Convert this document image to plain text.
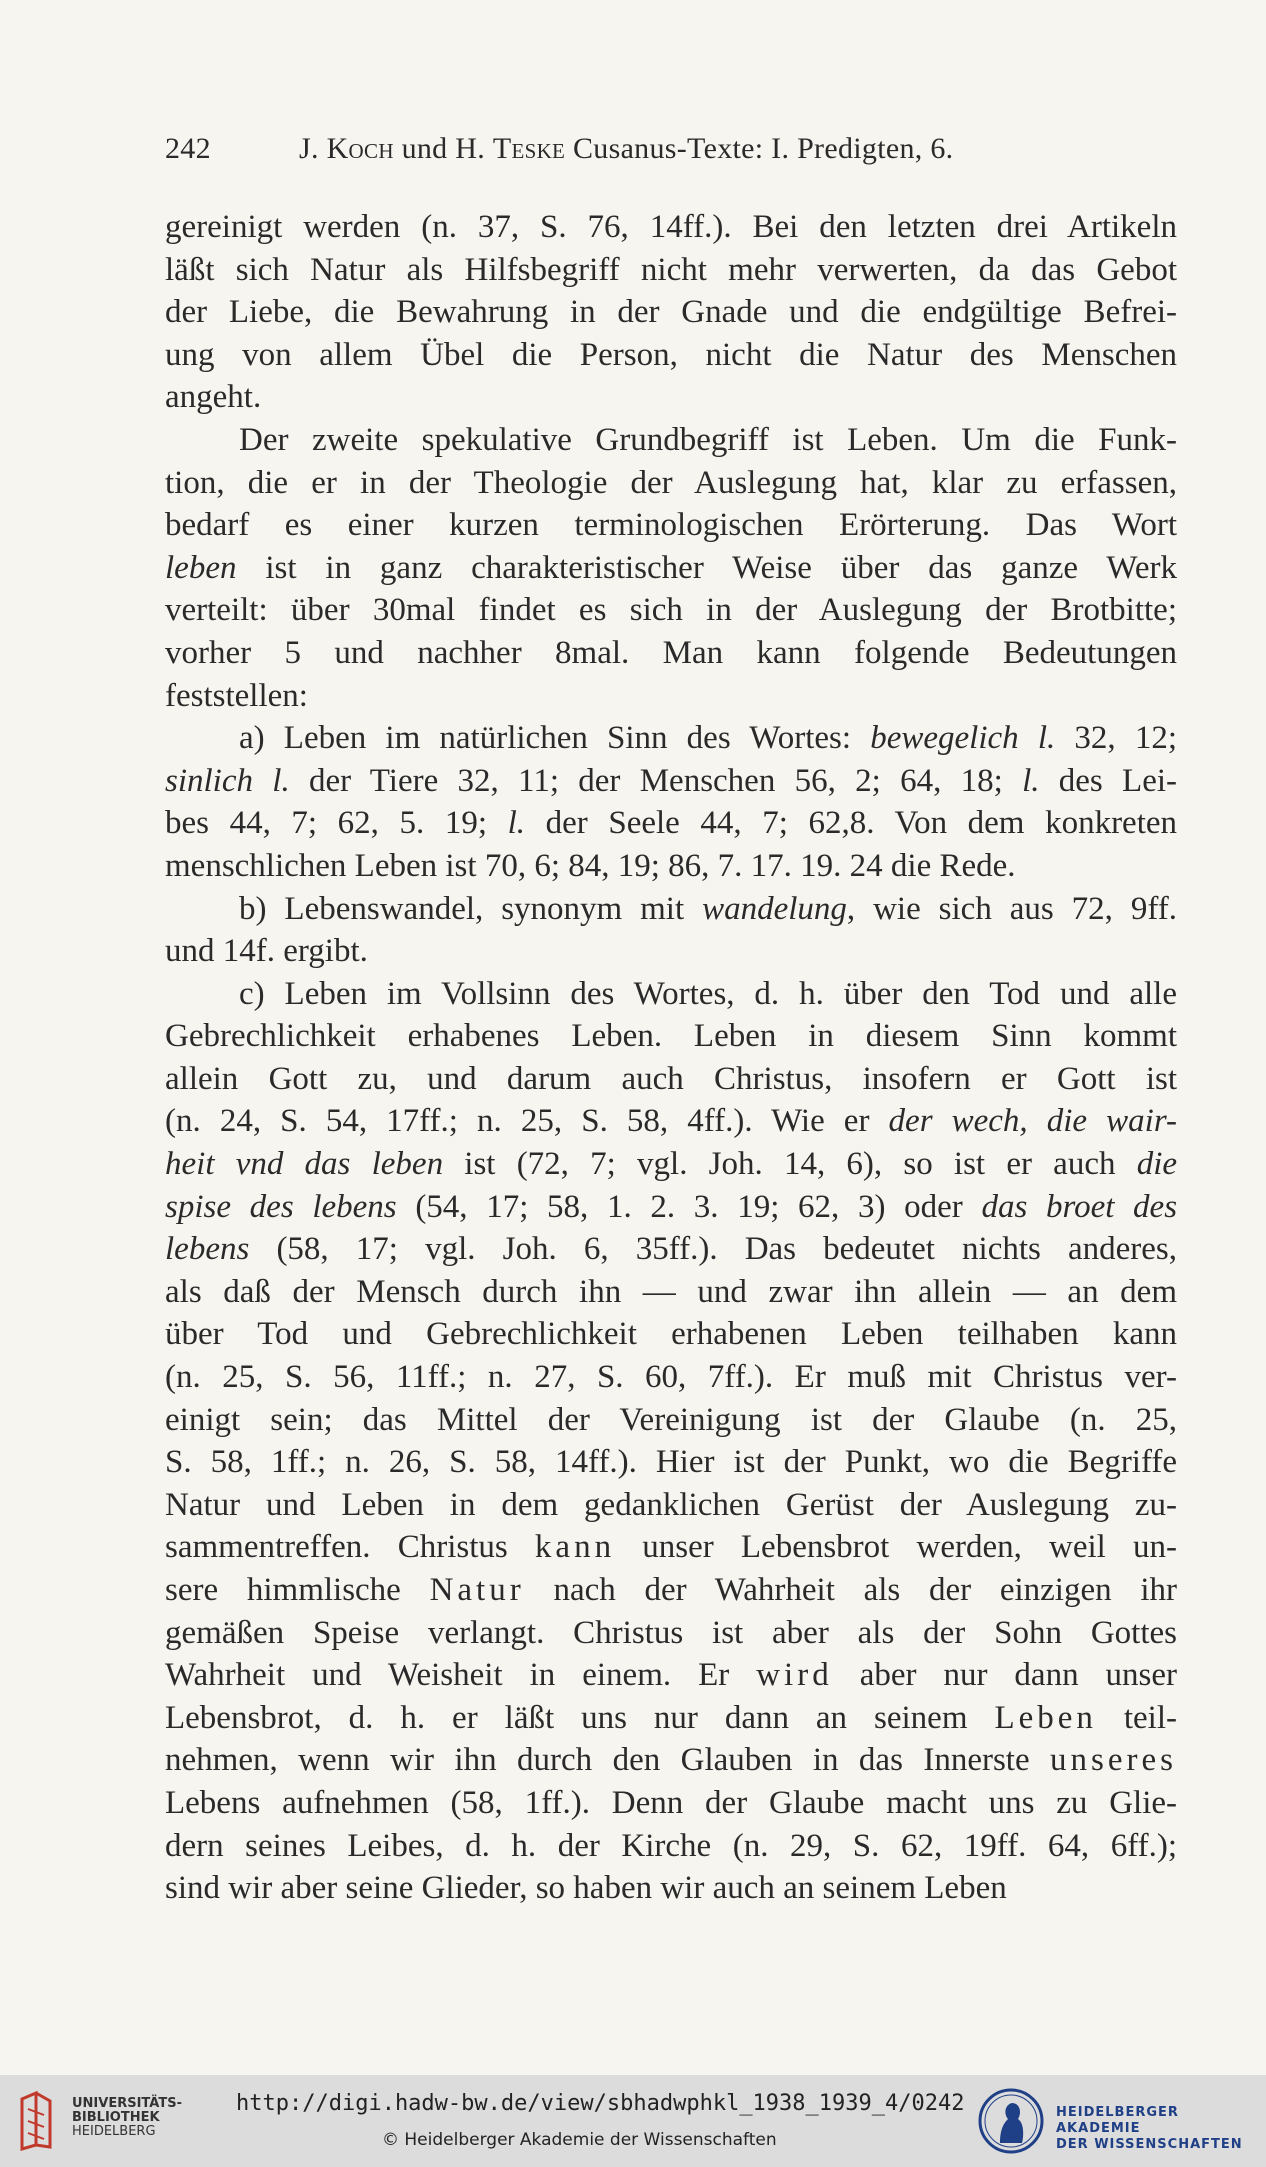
242	J. Koch und H. Teske Cusanus-Texte: I. Predigten, 6.
gereinigt werden (n. 37, S. 76, 14ff.). Bei den letzten drei Artikeln
läßt sich Natur als Hilfsbegriff nicht mehr verwerten, da das Gebot
der Liebe, die Bewahrung in der Gnade und die endgültige Befrei-
ung von allem Übel die Person, nicht die Natur des Menschen
angeht.
Der zweite spekulative Grundbegriff ist Leben. Um die Funk-
tion, die er in der Theologie der Auslegung hat, klar zu erfassen,
bedarf es einer kurzen terminologischen Erörterung. Das Wort
leben ist in ganz charakteristischer Weise über das ganze Werk
verteilt: über 30mal findet es sich in der Auslegung der Brotbitte;
vorher 5 und nachher 8mal. Man kann folgende Bedeutungen
feststellen:
a) Leben im natürlichen Sinn des Wortes: bewegelich l. 32, 12;
sinlich l. der Tiere 32, 11; der Menschen 56, 2; 64, 18; l. des Lei-
bes 44, 7; 62, 5. 19; l. der Seele 44, 7; 62,8. Von dem konkreten
menschlichen Leben ist 70, 6; 84, 19; 86, 7. 17. 19. 24 die Rede.
b) Lebenswandel, synonym mit wandelung, wie sich aus 72, 9ff.
und 14f. ergibt.
c) Leben im Vollsinn des Wortes, d. h. über den Tod und alle
Gebrechlichkeit erhabenes Leben. Leben in diesem Sinn kommt
allein Gott zu, und darum auch Christus, insofern er Gott ist
(n. 24, S. 54, 17ff.; n. 25, S. 58, 4ff.). Wie er der wech, die wair-
heit vnd das leben ist (72, 7; vgl. Joh. 14, 6), so ist er auch die
spise des lebens (54, 17; 58, 1. 2. 3. 19; 62, 3) oder das broet des
lebens (58, 17; vgl. Joh. 6, 35ff.). Das bedeutet nichts anderes,
als daß der Mensch durch ihn — und zwar ihn allein — an dem
über Tod und Gebrechlichkeit erhabenen Leben teilhaben kann
(n. 25, S. 56, 11ff.; n. 27, S. 60, 7ff.). Er muß mit Christus ver-
einigt sein; das Mittel der Vereinigung ist der Glaube (n. 25,
S. 58, 1ff.; n. 26, S. 58, 14ff.). Hier ist der Punkt, wo die Begriffe
Natur und Leben in dem gedanklichen Gerüst der Auslegung zu-
sammentreffen. Christus kann unser Lebensbrot werden, weil un-
sere himmlische Natur nach der Wahrheit als der einzigen ihr
gemäßen Speise verlangt. Christus ist aber als der Sohn Gottes
Wahrheit und Weisheit in einem. Er wird aber nur dann unser
Lebensbrot, d. h. er läßt uns nur dann an seinem Leben teil-
nehmen, wenn wir ihn durch den Glauben in das Innerste unseres
Lebens aufnehmen (58, 1ff.). Denn der Glaube macht uns zu Glie-
dern seines Leibes, d. h. der Kirche (n. 29, S. 62, 19ff. 64, 6ff.);
sind wir aber seine Glieder, so haben wir auch an seinem Leben
UNIVERSITÄTS-
BIBLIOTHEK
HEIDELBERG
http://digi.hadw-bw.de/view/sbhadwphkl_1938_1939_4/0242
© Heidelberger Akademie der Wissenschaften
HEIDELBERGER AKADEMIE
DER WISSENSCHAFTEN
